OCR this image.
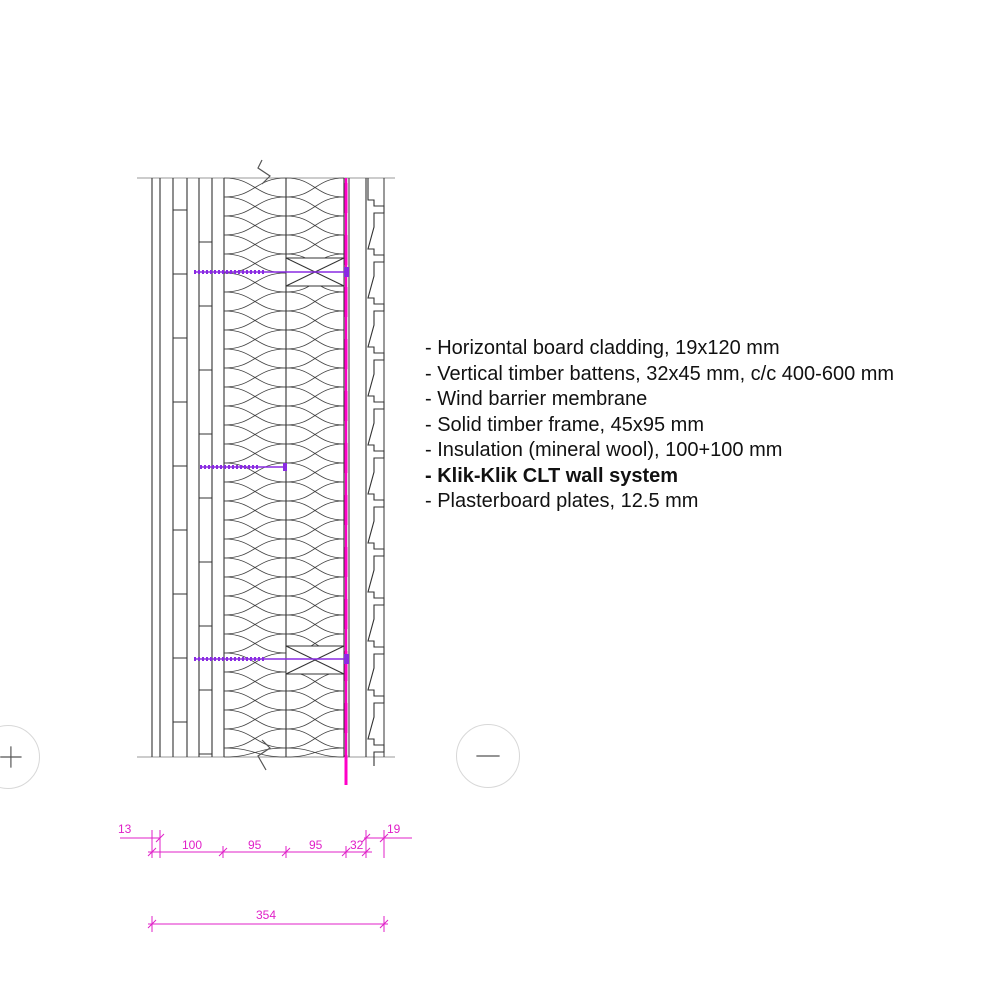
13
100	95	95 32
19
354
- Horizontal board cladding, 19x120 mm
- Vertical timber battens, 32x45 mm, c/c 400-600 mm
- Wind barrier membrane
- Solid timber frame, 45x95 mm
- Insulation (mineral wool), 100+100 mm
- Klik-Klik CLT wall system
- Plasterboard plates, 12.5 mm
